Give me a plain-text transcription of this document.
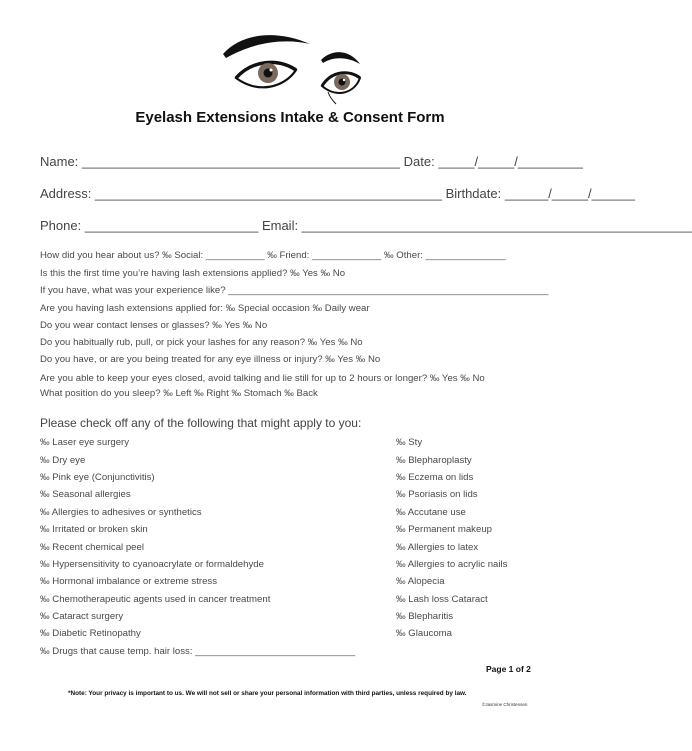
Eyelash Extensions Intake & Consent Form
Name: ____________________________________________ Date: _____/_____/_________
Address: ________________________________________________ Birthdate: ______/_____/______
Phone: ________________________ Email: ______________________________________________________
How did you hear about us? ‰ Social: ___________ ‰ Friend: _____________ ‰ Other: _______________
Is this the first time you’re having lash extensions applied? ‰ Yes ‰ No
If you have, what was your experience like? ____________________________________________________________
Are you having lash extensions applied for: ‰ Special occasion ‰ Daily wear
Do you wear contact lenses or glasses? ‰ Yes ‰ No
Do you habitually rub, pull, or pick your lashes for any reason? ‰ Yes ‰ No
Do you have, or are you being treated for any eye illness or injury? ‰ Yes ‰ No
Are you able to keep your eyes closed, avoid talking and lie still for up to 2 hours or longer? ‰ Yes ‰ No
What position do you sleep? ‰ Left ‰ Right ‰ Stomach ‰ Back
Please check off any of the following that might apply to you:
‰ Laser eye surgery
‰ Dry eye
‰ Pink eye (Conjunctivitis)
‰ Seasonal allergies
‰ Allergies to adhesives or synthetics
‰ Irritated or broken skin
‰ Recent chemical peel
‰ Hypersensitivity to cyanoacrylate or formaldehyde
‰ Hormonal imbalance or extreme stress
‰ Chemotherapeutic agents used in cancer treatment
‰ Cataract surgery
‰ Diabetic Retinopathy
‰ Drugs that cause temp. hair loss: ______________________________
‰ Sty
‰ Blepharoplasty
‰ Eczema on lids
‰ Psoriasis on lids
‰ Accutane use
‰ Permanent makeup
‰ Allergies to latex
‰ Allergies to acrylic nails
‰ Alopecia
‰ Lash loss Cataract
‰ Blepharitis
‰ Glaucoma
Page 1 of 2
*Note: Your privacy is important to us. We will not sell or share your personal information with third parties, unless required by law.
©Jasmine Christensen
